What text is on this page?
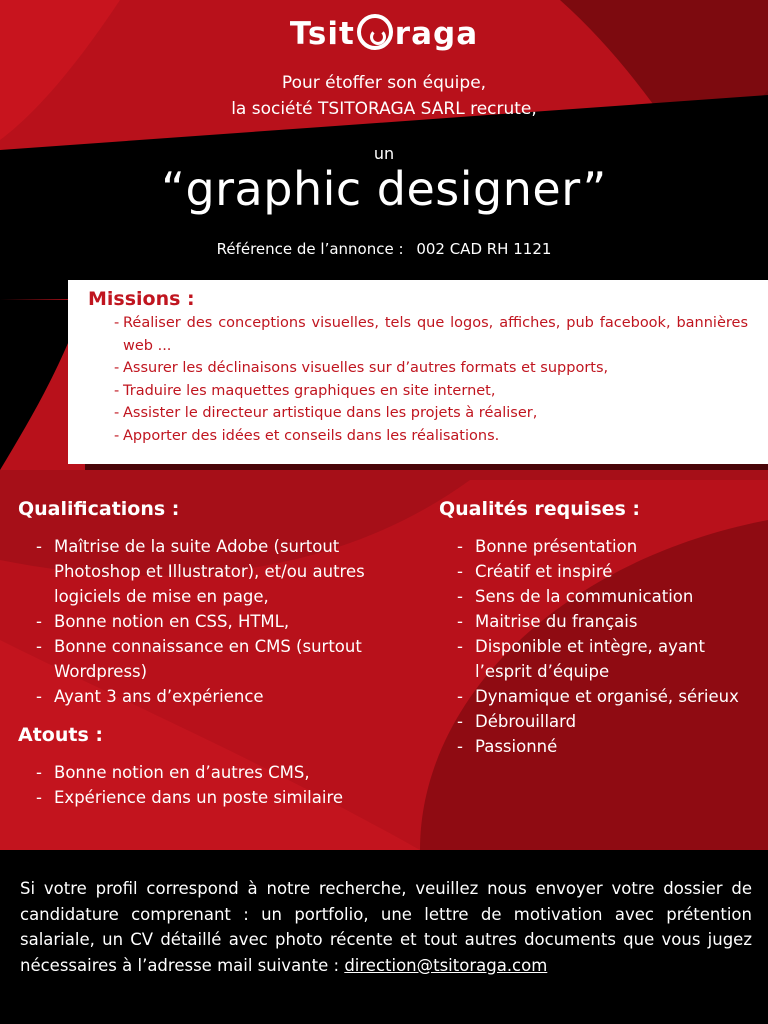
Tsit raga
Pour étoffer son équipe,
la société TSITORAGA SARL recrute,
un
“graphic designer”
Référence de l’annonce : 002 CAD RH 1121
Missions :
- Réaliser des conceptions visuelles, tels que logos, affiches, pub facebook, bannières web ...
- Assurer les déclinaisons visuelles sur d’autres formats et supports,
- Traduire les maquettes graphiques en site internet,
- Assister le directeur artistique dans les projets à réaliser,
- Apporter des idées et conseils dans les réalisations.
Qualifications :
- Maîtrise de la suite Adobe (surtout Photoshop et Illustrator), et/ou autres logiciels de mise en page,
- Bonne notion en CSS, HTML,
- Bonne connaissance en CMS (surtout Wordpress)
- Ayant 3 ans d’expérience
Atouts :
- Bonne notion en d’autres CMS,
- Expérience dans un poste similaire
Qualités requises :
- Bonne présentation
- Créatif et inspiré
- Sens de la communication
- Maitrise du français
- Disponible et intègre, ayant l’esprit d’équipe
- Dynamique et organisé, sérieux
- Débrouillard
- Passionné

Si votre profil correspond à notre recherche, veuillez nous envoyer votre dossier de candidature comprenant : un portfolio, une lettre de motivation avec prétention salariale, un CV détaillé avec photo récente et tout autres documents que vous jugez nécessaires à l’adresse mail suivante : direction@tsitoraga.com
